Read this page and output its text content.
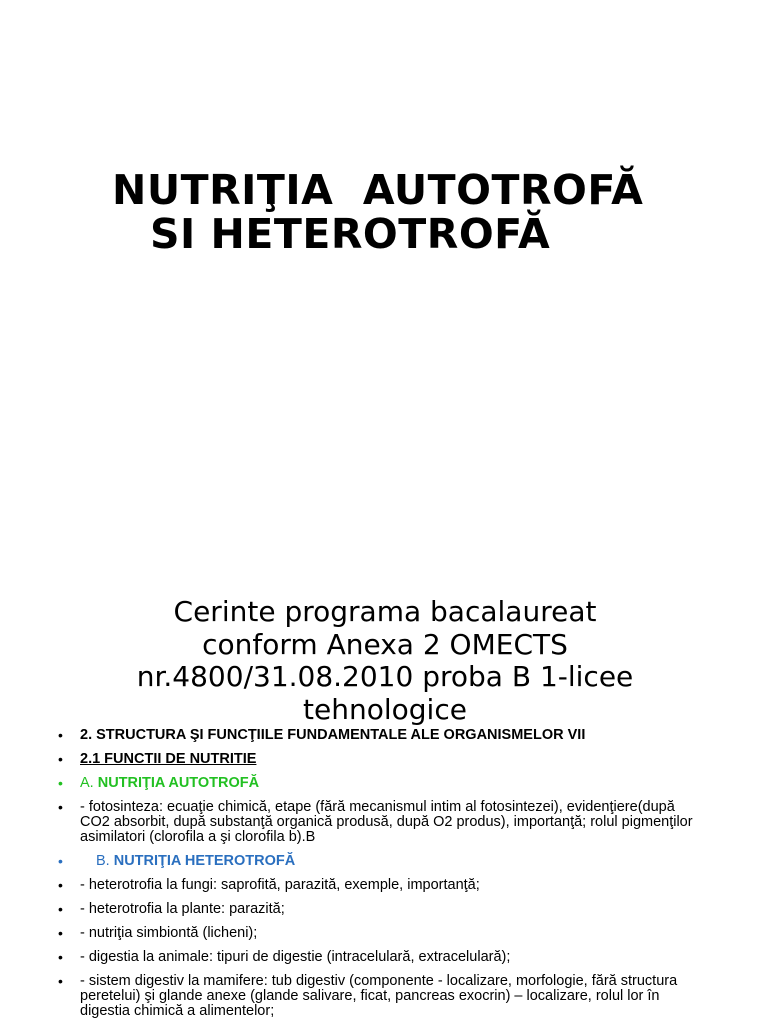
NUTRIŢIA  AUTOTROFĂ
SI HETEROTROFĂ
Cerinte programa bacalaureat
conform Anexa 2 OMECTS
nr.4800/31.08.2010 proba B 1-licee
tehnologice
• 2. STRUCTURA ŞI FUNCŢIILE FUNDAMENTALE ALE ORGANISMELOR VII
• 2.1 FUNCTII DE NUTRITIE
• A. NUTRIŢIA AUTOTROFĂ
• - fotosinteza: ecuaţie chimică, etape (fără mecanismul intim al fotosintezei), evidenţiere(după CO2 absorbit, după substanţă organică produsă, după O2 produs), importanţă; rolul pigmenţilor asimilatori (clorofila a şi clorofila b).B
• B. NUTRIŢIA HETEROTROFĂ
• - heterotrofia la fungi: saprofită, parazită, exemple, importanţă;
• - heterotrofia la plante: parazită;
• - nutriţia simbiontă (licheni);
• - digestia la animale: tipuri de digestie (intracelulară, extracelulară);
• - sistem digestiv la mamifere: tub digestiv (componente - localizare, morfologie, fără structura peretelui) şi glande anexe (glande salivare, ficat, pancreas exocrin) – localizare, rolul lor în digestia chimică a alimentelor;
